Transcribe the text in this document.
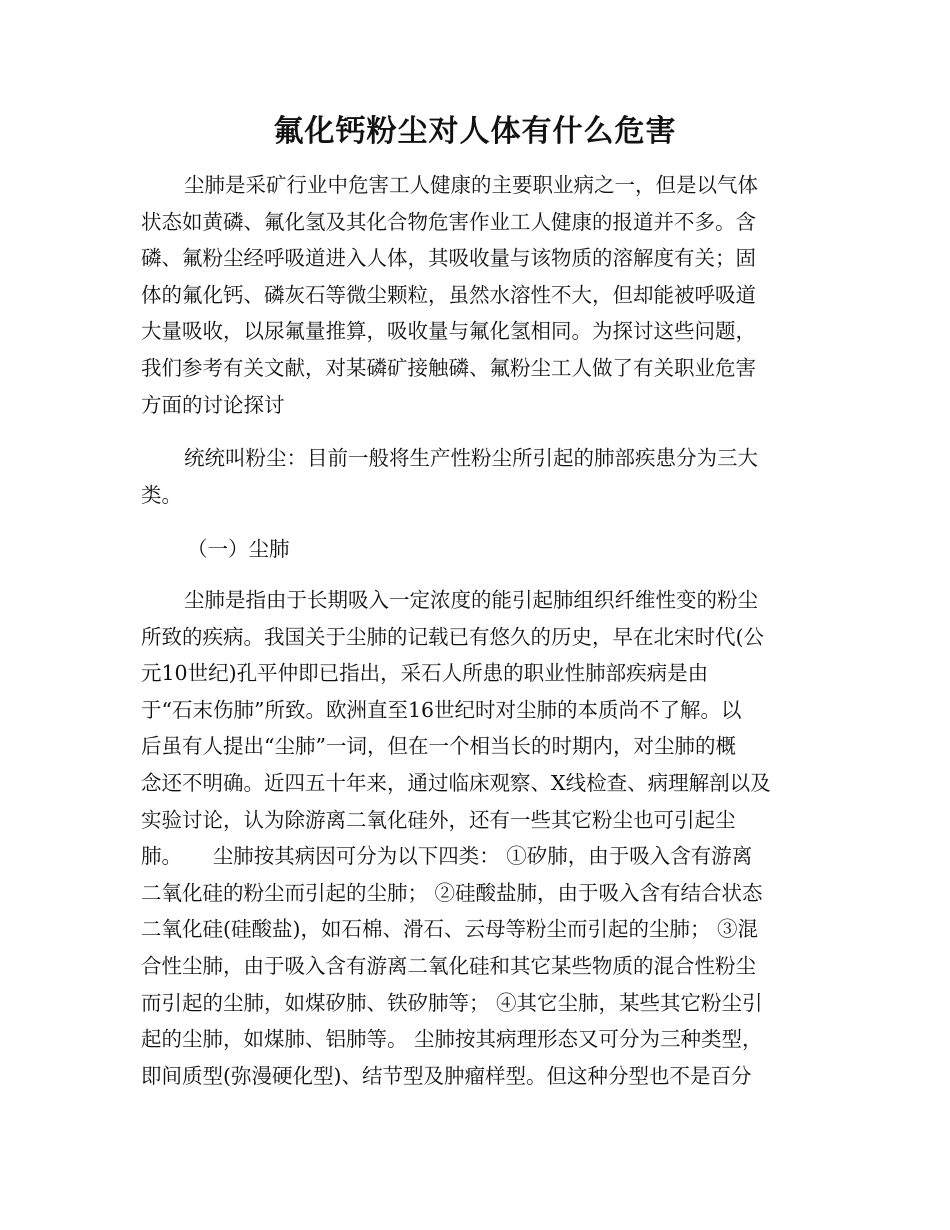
氟化钙粉尘对人体有什么危害
尘肺是采矿行业中危害工人健康的主要职业病之一，但是以气体
状态如黄磷、氟化氢及其化合物危害作业工人健康的报道并不多。含
磷、氟粉尘经呼吸道进入人体，其吸收量与该物质的溶解度有关；固
体的氟化钙、磷灰石等微尘颗粒，虽然水溶性不大，但却能被呼吸道
大量吸收，以尿氟量推算，吸收量与氟化氢相同。为探讨这些问题，
我们参考有关文献，对某磷矿接触磷、氟粉尘工人做了有关职业危害
方面的讨论探讨
统统叫粉尘：目前一般将生产性粉尘所引起的肺部疾患分为三大
类。
（一）尘肺
尘肺是指由于长期吸入一定浓度的能引起肺组织纤维性变的粉尘
所致的疾病。我国关于尘肺的记载已有悠久的历史，早在北宋时代(公
元10世纪)孔平仲即已指出，采石人所患的职业性肺部疾病是由
于“石末伤肺”所致。欧洲直至16世纪时对尘肺的本质尚不了解。以
后虽有人提出“尘肺”一词，但在一个相当长的时期内，对尘肺的概
念还不明确。近四五十年来，通过临床观察、X线检查、病理解剖以及
实验讨论，认为除游离二氧化硅外，还有一些其它粉尘也可引起尘
肺。　　尘肺按其病因可分为以下四类： ①矽肺，由于吸入含有游离
二氧化硅的粉尘而引起的尘肺； ②硅酸盐肺，由于吸入含有结合状态
二氧化硅(硅酸盐)，如石棉、滑石、云母等粉尘而引起的尘肺； ③混
合性尘肺，由于吸入含有游离二氧化硅和其它某些物质的混合性粉尘
而引起的尘肺，如煤矽肺、铁矽肺等； ④其它尘肺，某些其它粉尘引
起的尘肺，如煤肺、铝肺等。 尘肺按其病理形态又可分为三种类型，
即间质型(弥漫硬化型)、结节型及肿瘤样型。但这种分型也不是百分
